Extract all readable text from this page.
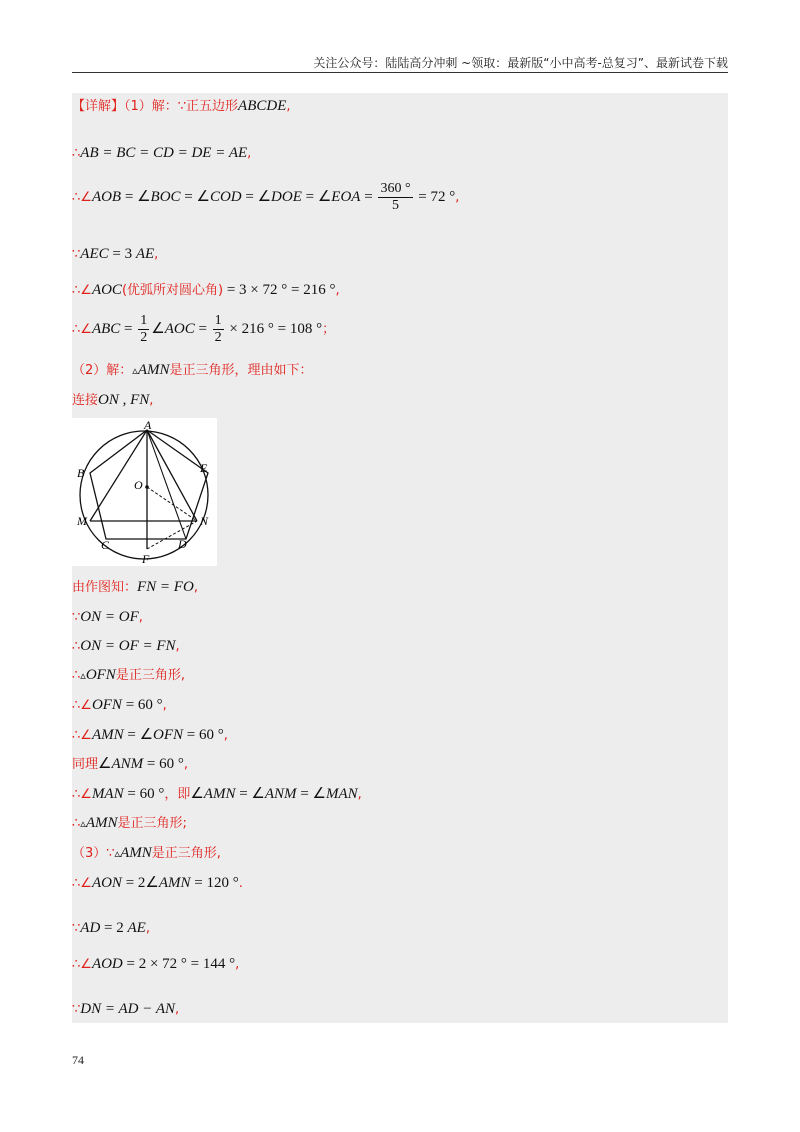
关注公众号：陆陆高分冲刺 ~领取：最新版“小中高考-总复习”、最新试卷下载
【详解】（1）解：∵正五边形ABCDE,
∴AB = BC = CD = DE = AE,
∴∠AOB = ∠BOC = ∠COD = ∠DOE = ∠EOA = $\frac{360 ^\circ}{5} = 72$ °,
∵AEC = 3 AE,
∴∠AOC(优弧所对圆心角) = 3 × 72 ° = 216 °,
∴∠ABC = $\frac{1}{2}$ ∠AOC = $\frac{1}{2} \times 216$ ° = 108 °；
（2）解：▵AMN是正三角形，理由如下：
连接ON , FN,
A
B	E
O
M	N
C	D
F
由作图知：FN = FO,
∵ON = OF,
∴ON = OF = FN,
∴▵OFN是正三角形,
∴∠OFN = 60 °,
∴∠AMN = ∠OFN = 60 °,
同理∠ANM = 60 °,
∴∠MAN = 60 °，即∠AMN = ∠ANM = ∠MAN,
∴▵AMN是正三角形;
（3）∵▵AMN是正三角形,
∴∠AON = 2∠AMN = 120 °.
∵AD = 2 AE,
∴∠AOD = 2 × 72 ° = 144 °,
∵DN = AD − AN,
74
